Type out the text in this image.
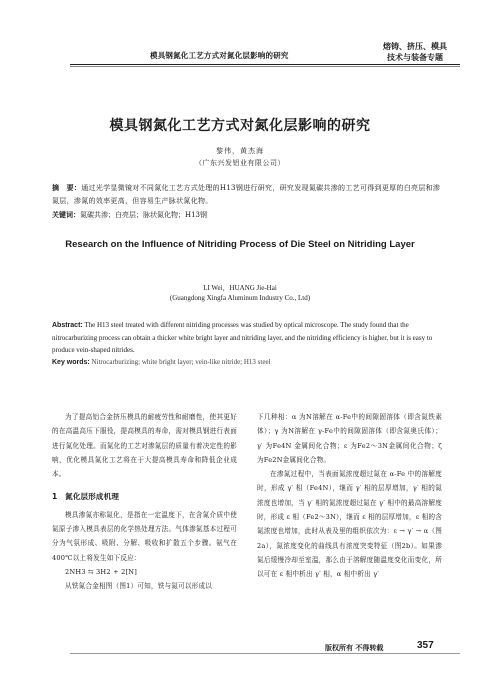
模具钢氮化工艺方式对氮化层影响的研究
熔铸、挤压、模具
技术与装备专题
模具钢氮化工艺方式对氮化层影响的研究
黎伟，黄杰海
（广东兴发铝业有限公司）
摘　要：通过光学显微镜对不同氮化工艺方式处理的H13钢进行研究，研究发现氮碳共渗的工艺可得到更厚的白亮层和渗氮层，渗氮的效率更高，但容易生产脉状氮化物。
关键词：氮碳共渗；白亮层；脉状氮化物；H13钢
Research on the Influence of Nitriding Process of Die Steel on Nitriding Layer
LI Wei，HUANG Jie-Hai
(Guangdong Xingfa Aluminum Industry Co., Ltd)
Abstract: The H13 steel treated with different nitriding processes was studied by optical microscope. The study found that the nitrocarburizing process can obtain a thicker white bright layer and nitriding layer, and the nitriding efficiency is higher, but it is easy to produce vein-shaped nitrides.
Key words: Nitrocarburizing; white bright layer; vein-like nitride; H13 steel

为了提高铝合金挤压模具的耐疲劳性和耐磨性，使其更好的在高温高压下服役，提高模具的寿命，需对模具钢进行表面进行氮化处理。而氮化的工艺对渗氮层的质量有着决定性的影响，优化模具氮化工艺将在于大提高模具寿命和降低企业成本。

1　氮化层形成机理

模具渗氮亦称氮化，是指在一定温度下，在含氮介质中使氮原子渗入模具表层的化学热处理方法。气体渗氮基本过程可分为气氛形成、吸附、分解、吸收和扩散五个步骤。氨气在400℃以上将发生如下反应：

2NH3 ⇆ 3H2 + 2[N]

从铁氮合金相图（图1）可知，铁与氮可以形成以

下几种相：α 为N溶解在 α-Fe中的间隙固溶体（即含氮铁素体）；γ 为N溶解在 γ-Fe中的间隙固溶体（即含氮奥氏体）；γ′ 为Fe4N 金属间化合物；ε 为Fe2～3N金属间化合物；ζ 为Fe2N金属间化合物。

在渗氮过程中，当表面氮浓度超过氮在 α-Fe 中的溶解度时，形成 γ′ 相（Fe4N），继而 γ′ 相的层厚增加，γ′ 相的氮浓度也增加，当 γ′ 相的氮浓度超过氮在 γ′ 相中的最高溶解度时，形成 ε 相（Fe2～3N），继而 ε 相的层厚增加，ε 相的含氮浓度也增加，此时从表及里的组织依次为：ε → γ′ → α（图2a），氮浓度变化的曲线具有浓度突变特征（图2b）。如果渗氮后缓慢冷却至室温，那么由于溶解度随温度变化而变化，所以可在 ε 相中析出 γ′ 相，α 相中析出 γ′

版权所有 不得转载	357
